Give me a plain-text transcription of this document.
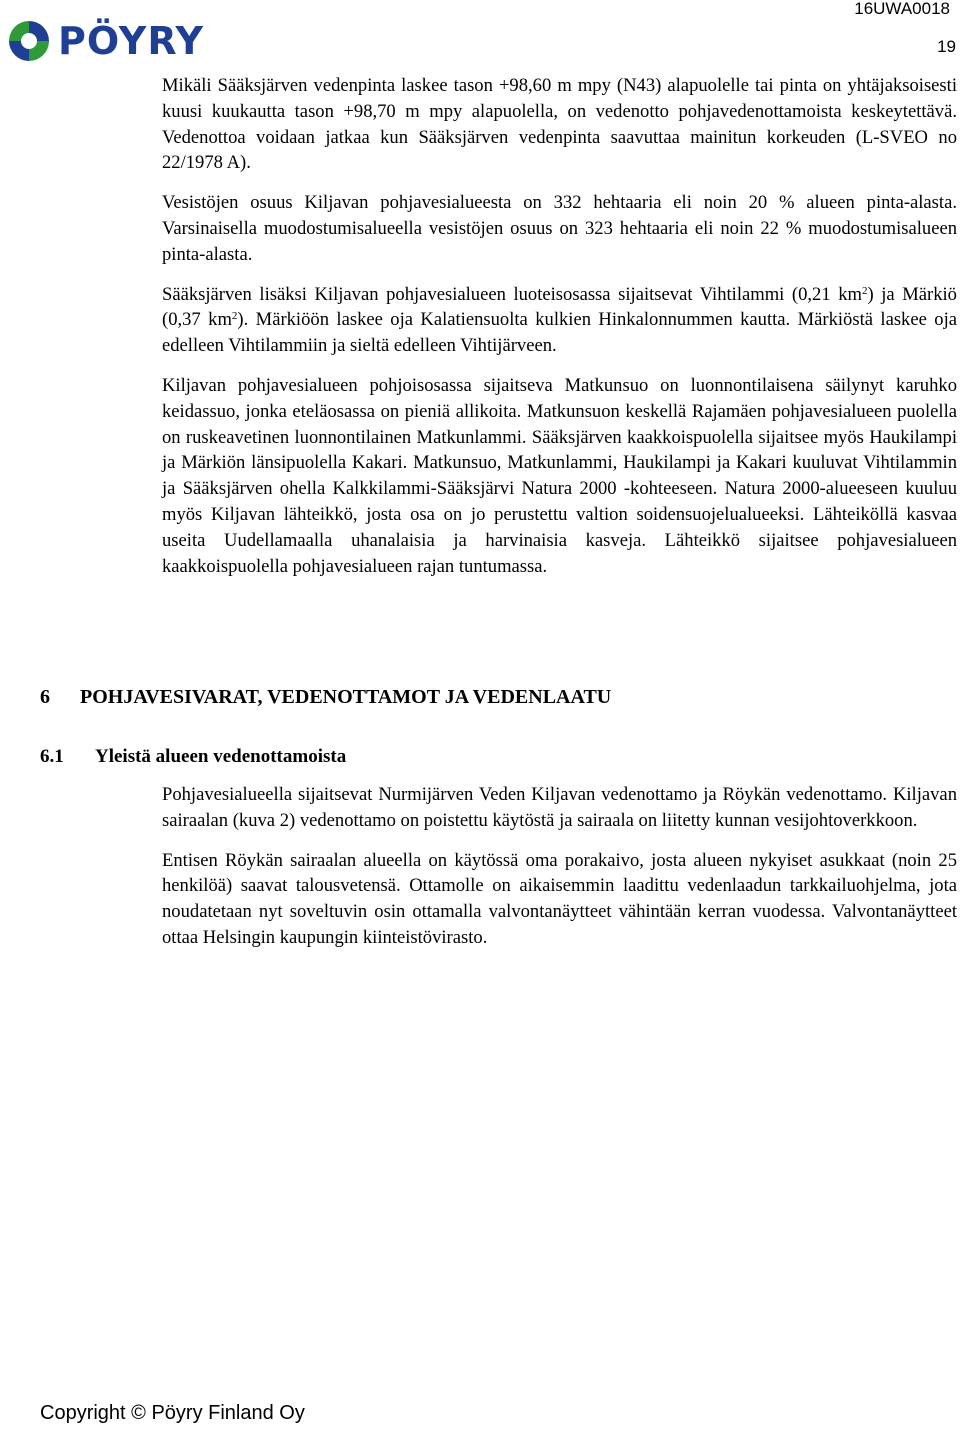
PÖYRY
16UWA0018
19

Mikäli Sääksjärven vedenpinta laskee tason +98,60 m mpy (N43) alapuolelle tai pinta on yhtäjaksoisesti kuusi kuukautta tason +98,70 m mpy alapuolella, on vedenotto pohjavedenottamoista keskeytettävä. Vedenottoa voidaan jatkaa kun Sääksjärven vedenpinta saavuttaa mainitun korkeuden (L-SVEO no 22/1978 A).

Vesistöjen osuus Kiljavan pohjavesialueesta on 332 hehtaaria eli noin 20 % alueen pinta-alasta. Varsinaisella muodostumisalueella vesistöjen osuus on 323 hehtaaria eli noin 22 % muodostumisalueen pinta-alasta.

Sääksjärven lisäksi Kiljavan pohjavesialueen luoteisosassa sijaitsevat Vihtilammi (0,21 $km^2$) ja Märkiö (0,37 $km^2$). Märkiöön laskee oja Kalatiensuolta kulkien Hinkalonnummen kautta. Märkiöstä laskee oja edelleen Vihtilammiin ja sieltä edelleen Vihtijärveen.

Kiljavan pohjavesialueen pohjoisosassa sijaitseva Matkunsuo on luonnontilaisena säilynyt karuhko keidassuo, jonka eteläosassa on pieniä allikoita. Matkunsuon keskellä Rajamäen pohjavesialueen puolella on ruskeavetinen luonnontilainen Matkunlammi. Sääksjärven kaakkoispuolella sijaitsee myös Haukilampi ja Märkiön länsipuolella Kakari. Matkunsuo, Matkunlammi, Haukilampi ja Kakari kuuluvat Vihtilammin ja Sääksjärven ohella Kalkkilammi-Sääksjärvi Natura 2000 -kohteeseen. Natura 2000-alueeseen kuuluu myös Kiljavan lähteikkö, josta osa on jo perustettu valtion soidensuojelualueeksi. Lähteiköllä kasvaa useita Uudellamaalla uhanalaisia ja harvinaisia kasveja. Lähteikkö sijaitsee pohjavesialueen kaakkoispuolella pohjavesialueen rajan tuntumassa.

6 POHJAVESIVARAT, VEDENOTTAMOT JA VEDENLAATU
6.1 Yleistä alueen vedenottamoista

Pohjavesialueella sijaitsevat Nurmijärven Veden Kiljavan vedenottamo ja Röykän vedenottamo. Kiljavan sairaalan (kuva 2) vedenottamo on poistettu käytöstä ja sairaala on liitetty kunnan vesijohtoverkkoon.

Entisen Röykän sairaalan alueella on käytössä oma porakaivo, josta alueen nykyiset asukkaat (noin 25 henkilöä) saavat talousvetensä. Ottamolle on aikaisemmin laadittu vedenlaadun tarkkailuohjelma, jota noudatetaan nyt soveltuvin osin ottamalla valvontanäytteet vähintään kerran vuodessa. Valvontanäytteet ottaa Helsingin kaupungin kiinteistövirasto.

Copyright © Pöyry Finland Oy
